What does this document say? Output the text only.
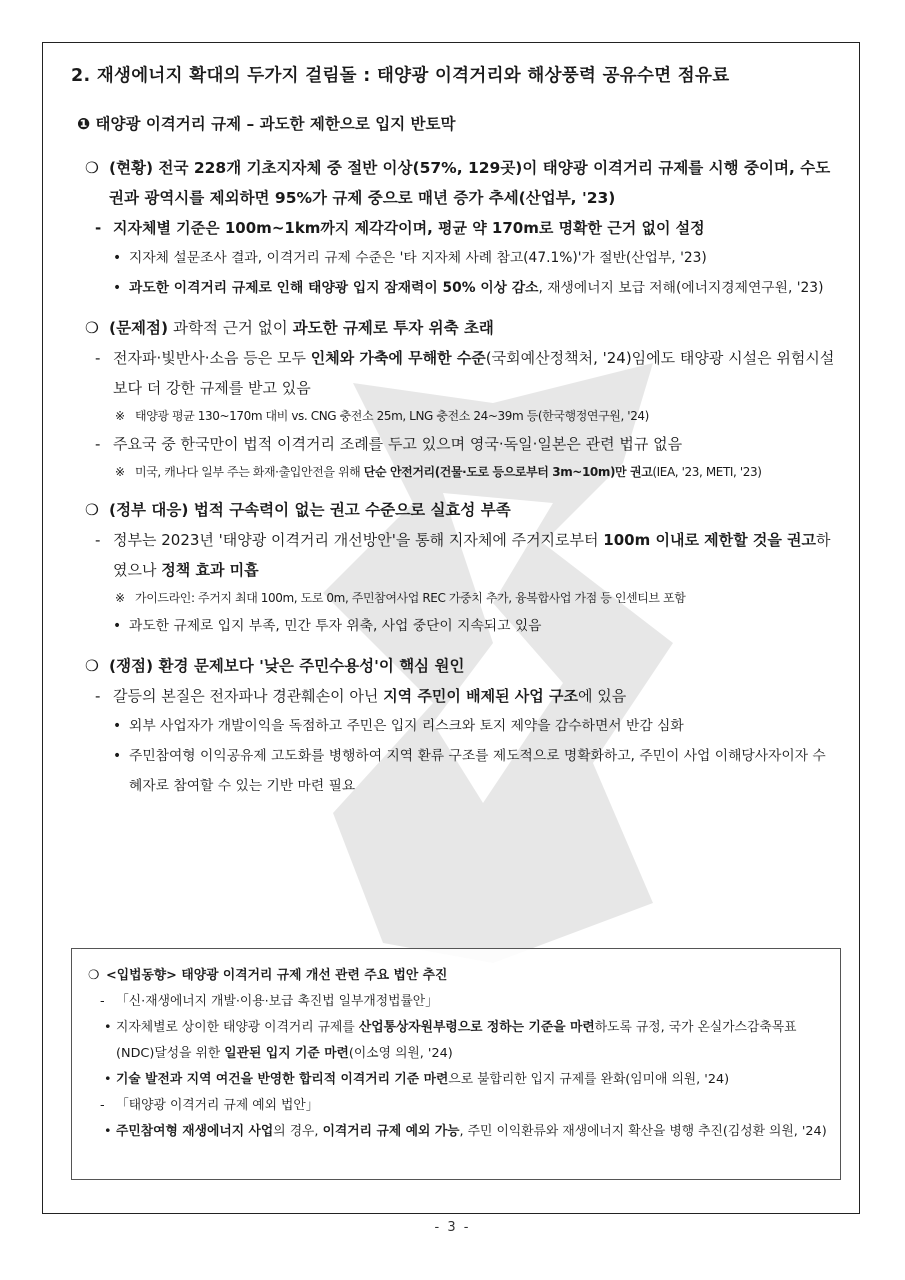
2. 재생에너지 확대의 두가지 걸림돌 : 태양광 이격거리와 해상풍력 공유수면 점유료
❶ 태양광 이격거리 규제 – 과도한 제한으로 입지 반토막
❍ (현황) 전국 228개 기초지자체 중 절반 이상(57%, 129곳)이 태양광 이격거리 규제를 시행 중이며, 수도권과 광역시를 제외하면 95%가 규제 중으로 매년 증가 추세(산업부, '23)
- 지자체별 기준은 100m~1km까지 제각각이며, 평균 약 170m로 명확한 근거 없이 설정
• 지자체 설문조사 결과, 이격거리 규제 수준은 '타 지자체 사례 참고(47.1%)'가 절반(산업부, '23)
• 과도한 이격거리 규제로 인해 태양광 입지 잠재력이 50% 이상 감소, 재생에너지 보급 저해(에너지경제연구원, '23)
❍ (문제점) 과학적 근거 없이 과도한 규제로 투자 위축 초래
- 전자파·빛반사·소음 등은 모두 인체와 가축에 무해한 수준(국회예산정책처, '24)임에도 태양광 시설은 위험시설보다 더 강한 규제를 받고 있음
※ 태양광 평균 130~170m 대비 vs. CNG 충전소 25m, LNG 충전소 24~39m 등(한국행정연구원, '24)
- 주요국 중 한국만이 법적 이격거리 조례를 두고 있으며 영국·독일·일본은 관련 법규 없음
※ 미국, 캐나다 일부 주는 화재·출입안전을 위해 단순 안전거리(건물·도로 등으로부터 3m~10m)만 권고(IEA, '23, METI, '23)
❍ (정부 대응) 법적 구속력이 없는 권고 수준으로 실효성 부족
- 정부는 2023년 '태양광 이격거리 개선방안'을 통해 지자체에 주거지로부터 100m 이내로 제한할 것을 권고하였으나 정책 효과 미흡
※ 가이드라인: 주거지 최대 100m, 도로 0m, 주민참여사업 REC 가중치 추가, 융복합사업 가점 등 인센티브 포함
• 과도한 규제로 입지 부족, 민간 투자 위축, 사업 중단이 지속되고 있음
❍ (쟁점) 환경 문제보다 '낮은 주민수용성'이 핵심 원인
- 갈등의 본질은 전자파나 경관훼손이 아닌 지역 주민이 배제된 사업 구조에 있음
• 외부 사업자가 개발이익을 독점하고 주민은 입지 리스크와 토지 제약을 감수하면서 반감 심화
• 주민참여형 이익공유제 고도화를 병행하여 지역 환류 구조를 제도적으로 명확화하고, 주민이 사업 이해당사자이자 수혜자로 참여할 수 있는 기반 마련 필요
❍ <입법동향> 태양광 이격거리 규제 개선 관련 주요 법안 추진
- 「신·재생에너지 개발·이용·보급 촉진법 일부개정법률안」
• 지자체별로 상이한 태양광 이격거리 규제를 산업통상자원부령으로 정하는 기준을 마련하도록 규정, 국가 온실가스감축목표(NDC)달성을 위한 일관된 입지 기준 마련(이소영 의원, '24)
• 기술 발전과 지역 여건을 반영한 합리적 이격거리 기준 마련으로 불합리한 입지 규제를 완화(임미애 의원, '24)
- 「태양광 이격거리 규제 예외 법안」
• 주민참여형 재생에너지 사업의 경우, 이격거리 규제 예외 가능, 주민 이익환류와 재생에너지 확산을 병행 추진(김성환 의원, '24)
- 3 -
